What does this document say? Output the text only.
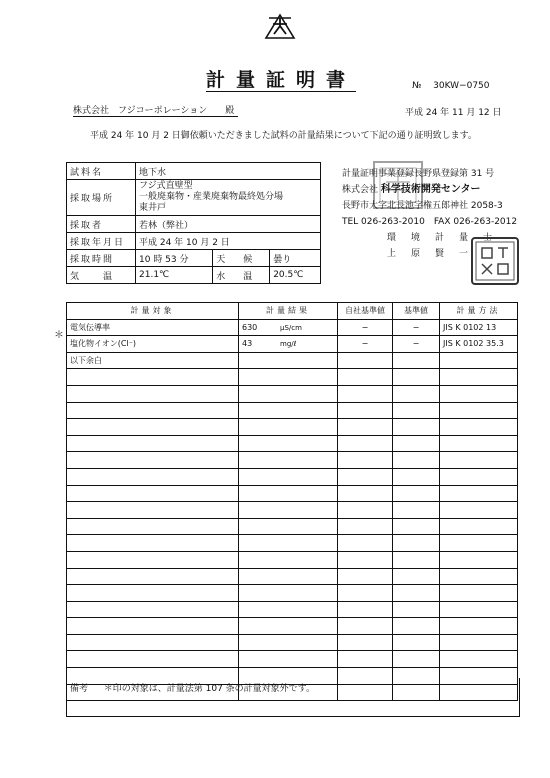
計量証明書	№ 30KW−0750
株式会社　フジコーポレーション　　殿	平成 24 年 11 月 12 日
平成 24 年 10 月 2 日御依頼いただきました試料の計量結果について下記の通り証明致します。
試料名	地下水		
採取場所	フジ式直壁型
一般廃棄物・産業廃棄物最終処分場
東井戸		

採取者	若林（弊社）		
採取年月日	平成 24 年 10 月 2 日		
採取時間	10 時 53 分	天　　候	曇り
気　　温	21.1℃	水　　温	20.5℃
計量証明事業登録長野県登録第 31 号
株式会社 科学技術開発センター
長野市大字北長池字権五郎神社 2058-3
TEL 026-263-2010　FAX 026-263-2012
環　境　計　量　士
上　原　賢　一
＊
計量対象	計量結果	自社基準値	基準値	計量方法
電気伝導率	630 μS/cm	−	−	JIS K 0102 13
塩化物イオン(Cl⁻)	43 mg/ℓ	−	−	JIS K 0102 35.3
以下余白				

備考 ＊印の対象は、計量法第 107 条の計量対象外です。
